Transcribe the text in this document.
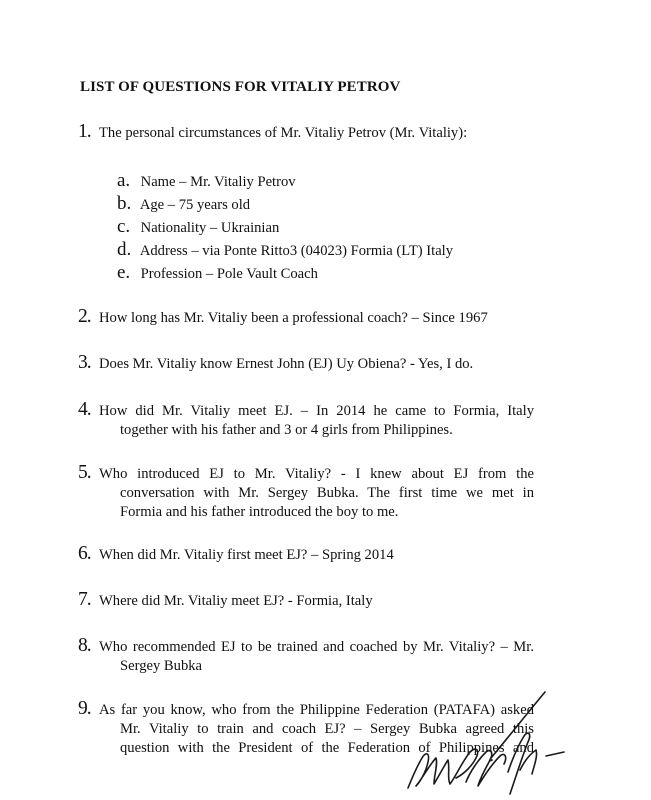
LIST OF QUESTIONS FOR VITALIY PETROV
1. The personal circumstances of Mr. Vitaliy Petrov (Mr. Vitaliy):
a. Name – Mr. Vitaliy Petrov
b. Age – 75 years old
c. Nationality – Ukrainian
d. Address – via Ponte Ritto3 (04023) Formia (LT) Italy
e. Profession – Pole Vault Coach
2. How long has Mr. Vitaliy been a professional coach? – Since 1967
3. Does Mr. Vitaliy know Ernest John (EJ) Uy Obiena? - Yes, I do.
4. How did Mr. Vitaliy meet EJ. – In 2014 he came to Formia, Italy
together with his father and 3 or 4 girls from Philippines.
5. Who introduced EJ to Mr. Vitaliy? - I knew about EJ from the
conversation with Mr. Sergey Bubka. The first time we met in
Formia and his father introduced the boy to me.
6. When did Mr. Vitaliy first meet EJ? – Spring 2014
7. Where did Mr. Vitaliy meet EJ? - Formia, Italy
8. Who recommended EJ to be trained and coached by Mr. Vitaliy? – Mr.
Sergey Bubka
9. As far you know, who from the Philippine Federation (PATAFA) asked
Mr. Vitaliy to train and coach EJ? – Sergey Bubka agreed this
question with the President of the Federation of Philippines and
